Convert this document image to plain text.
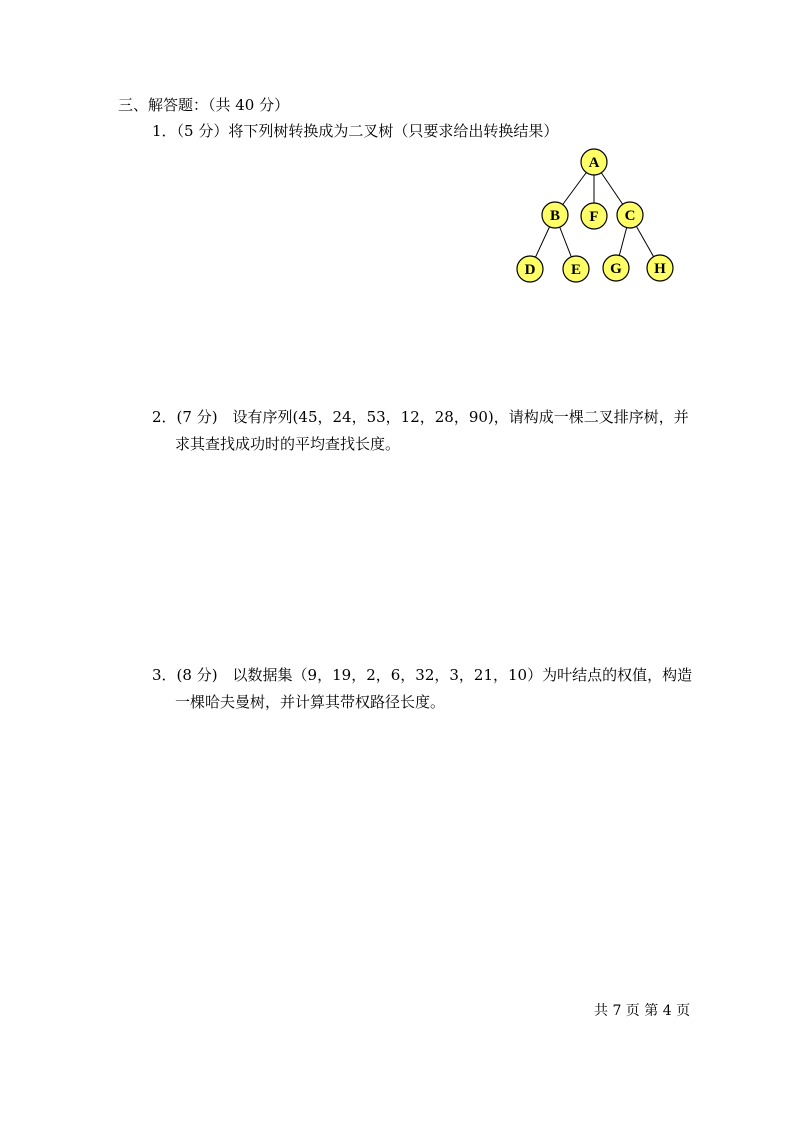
三、解答题：（共 40 分）
1．（5 分）将下列树转换成为二叉树（只要求给出转换结果）
A
B F C
D E G H
2．(7 分)　设有序列(45，24，53，12，28，90)，请构成一棵二叉排序树，并
求其查找成功时的平均查找长度。
3．(8 分)　以数据集（9，19，2，6，32，3，21，10）为叶结点的权值，构造
一棵哈夫曼树，并计算其带权路径长度。
共 7 页 第 4 页
